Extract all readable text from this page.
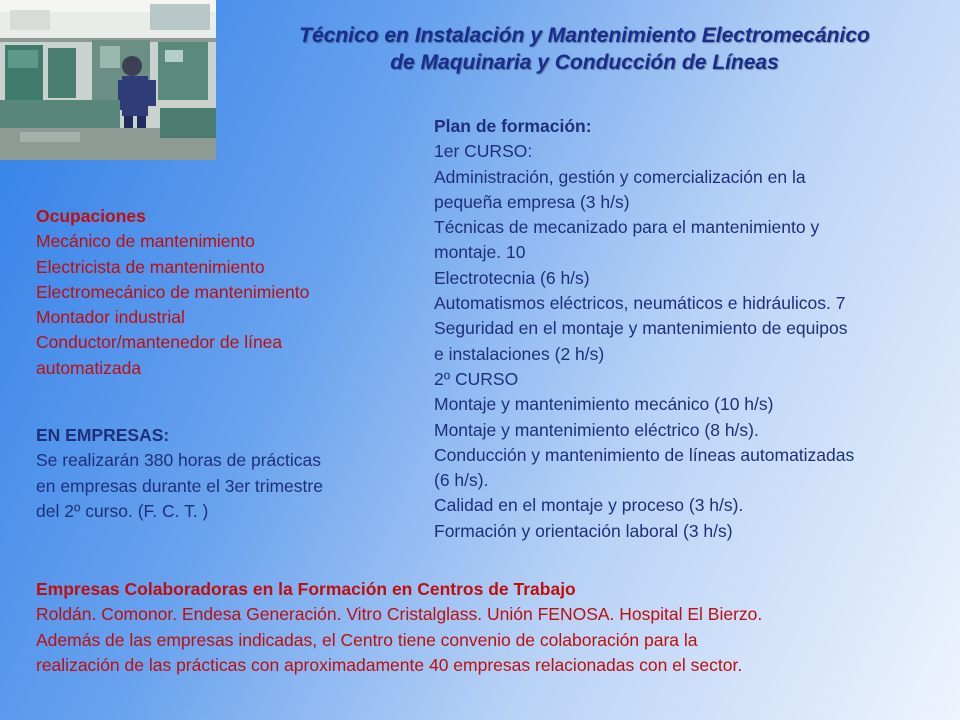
Técnico en Instalación y Mantenimiento Electromecánico
de Maquinaria y Conducción de Líneas
Plan de formación:
1er CURSO:
Administración, gestión y comercialización en la
pequeña empresa (3 h/s)
Técnicas de mecanizado para el mantenimiento y
montaje. 10
Electrotecnia (6 h/s)
Automatismos eléctricos, neumáticos e hidráulicos. 7
Seguridad en el montaje y mantenimiento de equipos
e instalaciones (2 h/s)
2º CURSO
Montaje y mantenimiento mecánico (10 h/s)
Montaje y mantenimiento eléctrico (8 h/s).
Conducción y mantenimiento de líneas automatizadas
(6 h/s).
Calidad en el montaje y proceso (3 h/s).
Formación y orientación laboral (3 h/s)
Ocupaciones
Mecánico de mantenimiento
Electricista de mantenimiento
Electromecánico de mantenimiento
Montador industrial
Conductor/mantenedor de línea
automatizada
EN EMPRESAS:
Se realizarán 380 horas de prácticas
en empresas durante el 3er trimestre
del 2º curso. (F. C. T. )
Empresas Colaboradoras en la Formación en Centros de Trabajo
Roldán. Comonor. Endesa Generación. Vitro Cristalglass. Unión FENOSA. Hospital El Bierzo.
Además de las empresas indicadas, el Centro tiene convenio de colaboración para la
realización de las prácticas con aproximadamente 40 empresas relacionadas con el sector.
